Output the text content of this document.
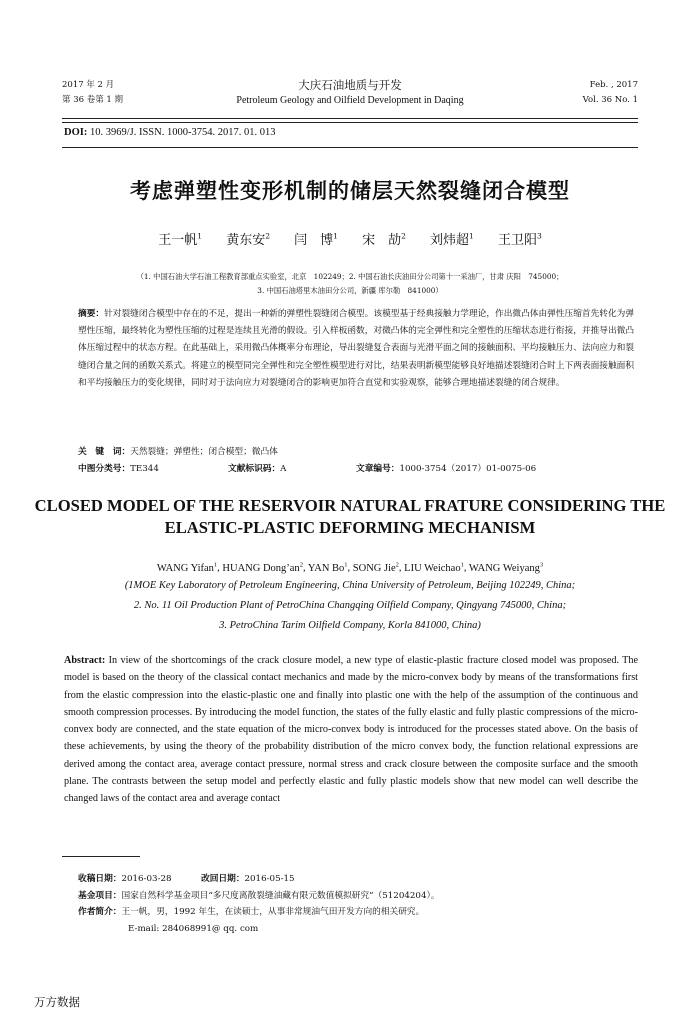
2017 年 2 月
第 36 卷第 1 期
大庆石油地质与开发
Petroleum Geology and Oilfield Development in Daqing
Feb. , 2017
Vol. 36 No. 1
DOI: 10. 3969/J. ISSN. 1000-3754. 2017. 01. 013
考虑弹塑性变形机制的储层天然裂缝闭合模型
王一帆$^1$ 黄东安$^2$ 闫　博$^1$ 宋　劼$^2$ 刘炜超$^1$ 王卫阳$^3$
（1. 中国石油大学石油工程教育部重点实验室，北京　102249；2. 中国石油长庆油田分公司第十一采油厂，甘肃 庆阳　745000；
3. 中国石油塔里木油田分公司，新疆 库尔勒　841000）
摘要：针对裂缝闭合模型中存在的不足，提出一种新的弹塑性裂缝闭合模型。该模型基于经典接触力学理论，作出微凸体由弹性压缩首先转化为弹塑性压缩，最终转化为塑性压缩的过程是连续且光滑的假设。引入样板函数，对微凸体的完全弹性和完全塑性的压缩状态进行衔接，并推导出微凸体压缩过程中的状态方程。在此基础上，采用微凸体概率分布理论，导出裂缝复合表面与光滑平面之间的接触面积、平均接触压力、法向应力和裂缝闭合量之间的函数关系式。将建立的模型同完全弹性和完全塑性模型进行对比，结果表明新模型能够良好地描述裂缝闭合时上下两表面接触面积和平均接触压力的变化规律，同时对于法向应力对裂缝闭合的影响更加符合直觉和实验观察，能够合理地描述裂缝的闭合规律。
关　键　词：天然裂缝；弹塑性；闭合模型；微凸体
中图分类号：TE344	文献标识码：A	文章编号：1000-3754（2017）01-0075-06
CLOSED MODEL OF THE RESERVOIR NATURAL FRATURE CONSIDERING THE ELASTIC-PLASTIC DEFORMING MECHANISM
WANG Yifan$^1$, HUANG $Dong’an^2$, YAN Bo$^1$, SONG Jie$^2$, LIU Weichao$^1$, WANG Weiyang$^3$
(1MOE Key Laboratory of Petroleum Engineering, China University of Petroleum, Beijing 102249, China;
2. No. 11 Oil Production Plant of PetroChina Changqing Oilfield Company, Qingyang 745000, China;
3. PetroChina Tarim Oilfield Company, Korla 841000, China)
Abstract: In view of the shortcomings of the crack closure model, a new type of elastic-plastic fracture closed model was proposed. The model is based on the theory of the classical contact mechanics and made by the micro-convex body by means of the transformations first from the elastic compression into the elastic-plastic one and finally into plastic one with the help of the assumption of the continuous and smooth compression processes. By introducing the model function, the states of the fully elastic and fully plastic compressions of the micro-convex body are connected, and the state equation of the micro-convex body is introduced for the processes stated above. On the basis of these achievements, by using the theory of the probability distribution of the micro convex body, the function relational expressions are derived among the contact area, average contact pressure, normal stress and crack closure between the composite surface and the smooth plane. The contrasts between the setup model and perfectly elastic and fully plastic models show that new model can well describe the changed laws of the contact area and average contact
收稿日期：2016-03-28	改回日期：2016-05-15
基金项目：国家自然科学基金项目“多尺度离散裂缝油藏有限元数值模拟研究”（51204204）。
作者简介：王一帆，男，1992 年生，在读硕士，从事非常规油气田开发方向的相关研究。
E-mail: 284068991@ qq. com
万方数据
